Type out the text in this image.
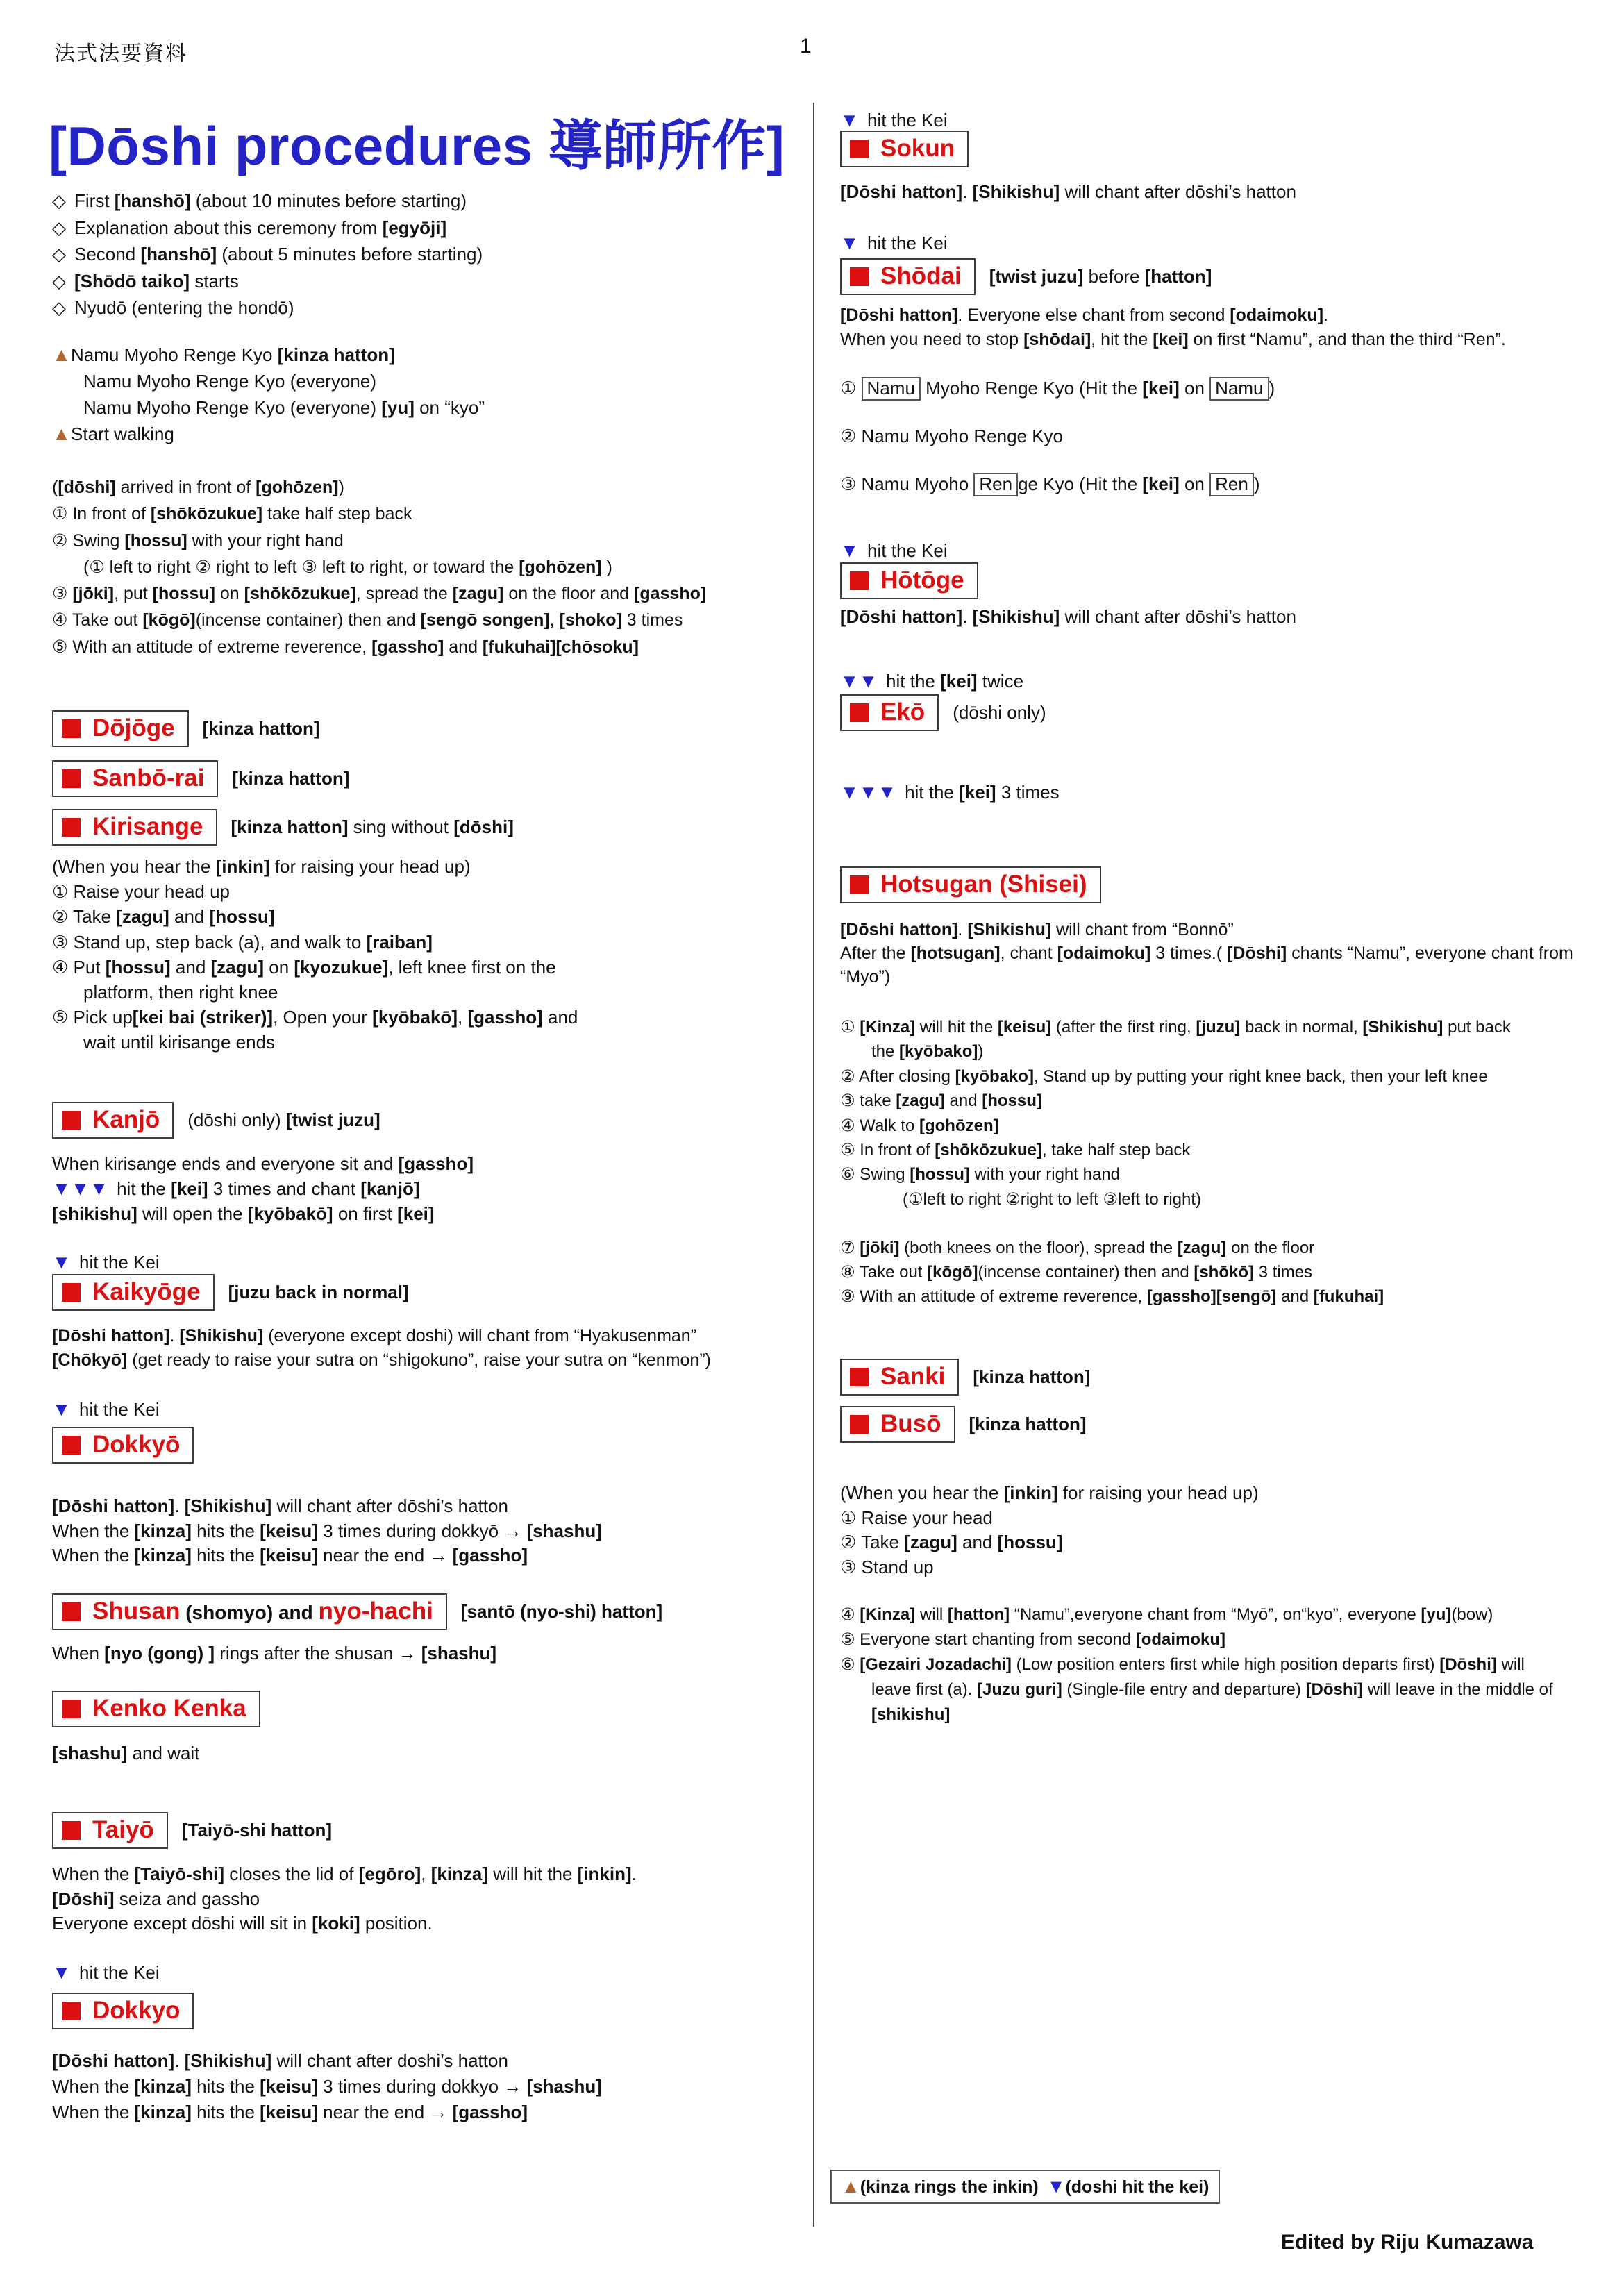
法式法要資料	1
[Dōshi procedures 導師所作]
◇ First [hanshō] (about 10 minutes before starting)
◇ Explanation about this ceremony from [egyōji]
◇ Second [hanshō] (about 5 minutes before starting)
◇ [Shōdō taiko] starts
◇ Nyudō (entering the hondō)
▲Namu Myoho Renge Kyo [kinza hatton]
Namu Myoho Renge Kyo (everyone)
Namu Myoho Renge Kyo (everyone) [yu] on “kyo”
▲Start walking
([dōshi] arrived in front of [gohōzen])
① In front of [shōkōzukue] take half step back
② Swing [hossu] with your right hand
(① left to right ② right to left ③ left to right, or toward the [gohōzen] )
③ [jōki], put [hossu] on [shōkōzukue], spread the [zagu] on the floor and [gassho]
④ Take out [kōgō](incense container) then and [sengō songen], [shoko] 3 times
⑤ With an attitude of extreme reverence, [gassho] and [fukuhai][chōsoku]
Dōjōge [kinza hatton]
Sanbō-rai [kinza hatton]
Kirisange [kinza hatton] sing without [dōshi]
(When you hear the [inkin] for raising your head up)
① Raise your head up
② Take [zagu] and [hossu]
③ Stand up, step back (a), and walk to [raiban]
④ Put [hossu] and [zagu] on [kyozukue], left knee first on the
platform, then right knee
⑤ Pick up[kei bai (striker)], Open your [kyōbakō], [gassho] and
wait until kirisange ends
Kanjō (dōshi only) [twist juzu]
When kirisange ends and everyone sit and [gassho]
▼▼▼ hit the [kei] 3 times and chant [kanjō]
[shikishu] will open the [kyōbakō] on first [kei]
▼ hit the Kei
Kaikyōge [juzu back in normal]
[Dōshi hatton]. [Shikishu] (everyone except doshi) will chant from “Hyakusenman”
[Chōkyō] (get ready to raise your sutra on “shigokuno”, raise your sutra on “kenmon”)
▼ hit the Kei
Dokkyō
[Dōshi hatton]. [Shikishu] will chant after dōshi’s hatton
When the [kinza] hits the [keisu] 3 times during dokkyō → [shashu]
When the [kinza] hits the [keisu] near the end → [gassho]
Shusan (shomyo) and nyo-hachi [santō (nyo-shi) hatton]
When [nyo (gong) ] rings after the shusan → [shashu]
Kenko Kenka
[shashu] and wait
Taiyō [Taiyō-shi hatton]
When the [Taiyō-shi] closes the lid of [egōro], [kinza] will hit the [inkin].
[Dōshi] seiza and gassho
Everyone except dōshi will sit in [koki] position.
▼ hit the Kei
Dokkyo
[Dōshi hatton]. [Shikishu] will chant after doshi’s hatton
When the [kinza] hits the [keisu] 3 times during dokkyo → [shashu]
When the [kinza] hits the [keisu] near the end → [gassho]
▼ hit the Kei
Sokun
[Dōshi hatton]. [Shikishu] will chant after dōshi’s hatton
▼ hit the Kei
Shōdai [twist juzu] before [hatton]
[Dōshi hatton]. Everyone else chant from second [odaimoku].
When you need to stop [shōdai], hit the [kei] on first “Namu”, and than the third “Ren”.
① Namu Myoho Renge Kyo (Hit the [kei] on Namu )
② Namu Myoho Renge Kyo
③ Namu Myoho Ren ge Kyo (Hit the [kei] on Ren )
▼ hit the Kei
Hōtōge
[Dōshi hatton]. [Shikishu] will chant after dōshi’s hatton
▼▼ hit the [kei] twice
Ekō (dōshi only)
▼▼▼ hit the [kei] 3 times
Hotsugan (Shisei)
[Dōshi hatton]. [Shikishu] will chant from “Bonnō”
After the [hotsugan], chant [odaimoku] 3 times.( [Dōshi] chants “Namu”, everyone chant from
“Myo”)
① [Kinza] will hit the [keisu] (after the first ring, [juzu] back in normal, [Shikishu] put back
the [kyōbako])
② After closing [kyōbako], Stand up by putting your right knee back, then your left knee
③ take [zagu] and [hossu]
④ Walk to [gohōzen]
⑤ In front of [shōkōzukue], take half step back
⑥ Swing [hossu] with your right hand
(①left to right ②right to left ③left to right)
⑦ [jōki] (both knees on the floor), spread the [zagu] on the floor
⑧ Take out [kōgō](incense container) then and [shōkō] 3 times
⑨ With an attitude of extreme reverence, [gassho][sengō] and [fukuhai]
Sanki [kinza hatton]
Busō [kinza hatton]
(When you hear the [inkin] for raising your head up)
① Raise your head
② Take [zagu] and [hossu]
③ Stand up
④ [Kinza] will [hatton] “Namu”,everyone chant from “Myō”, on“kyo”, everyone [yu](bow)
⑤ Everyone start chanting from second [odaimoku]
⑥ [Gezairi Jozadachi] (Low position enters first while high position departs first) [Dōshi] will
leave first (a). [Juzu guri] (Single-file entry and departure) [Dōshi] will leave in the middle of
[shikishu]
▲(kinza rings the inkin) ▼(doshi hit the kei)
Edited by Riju Kumazawa
